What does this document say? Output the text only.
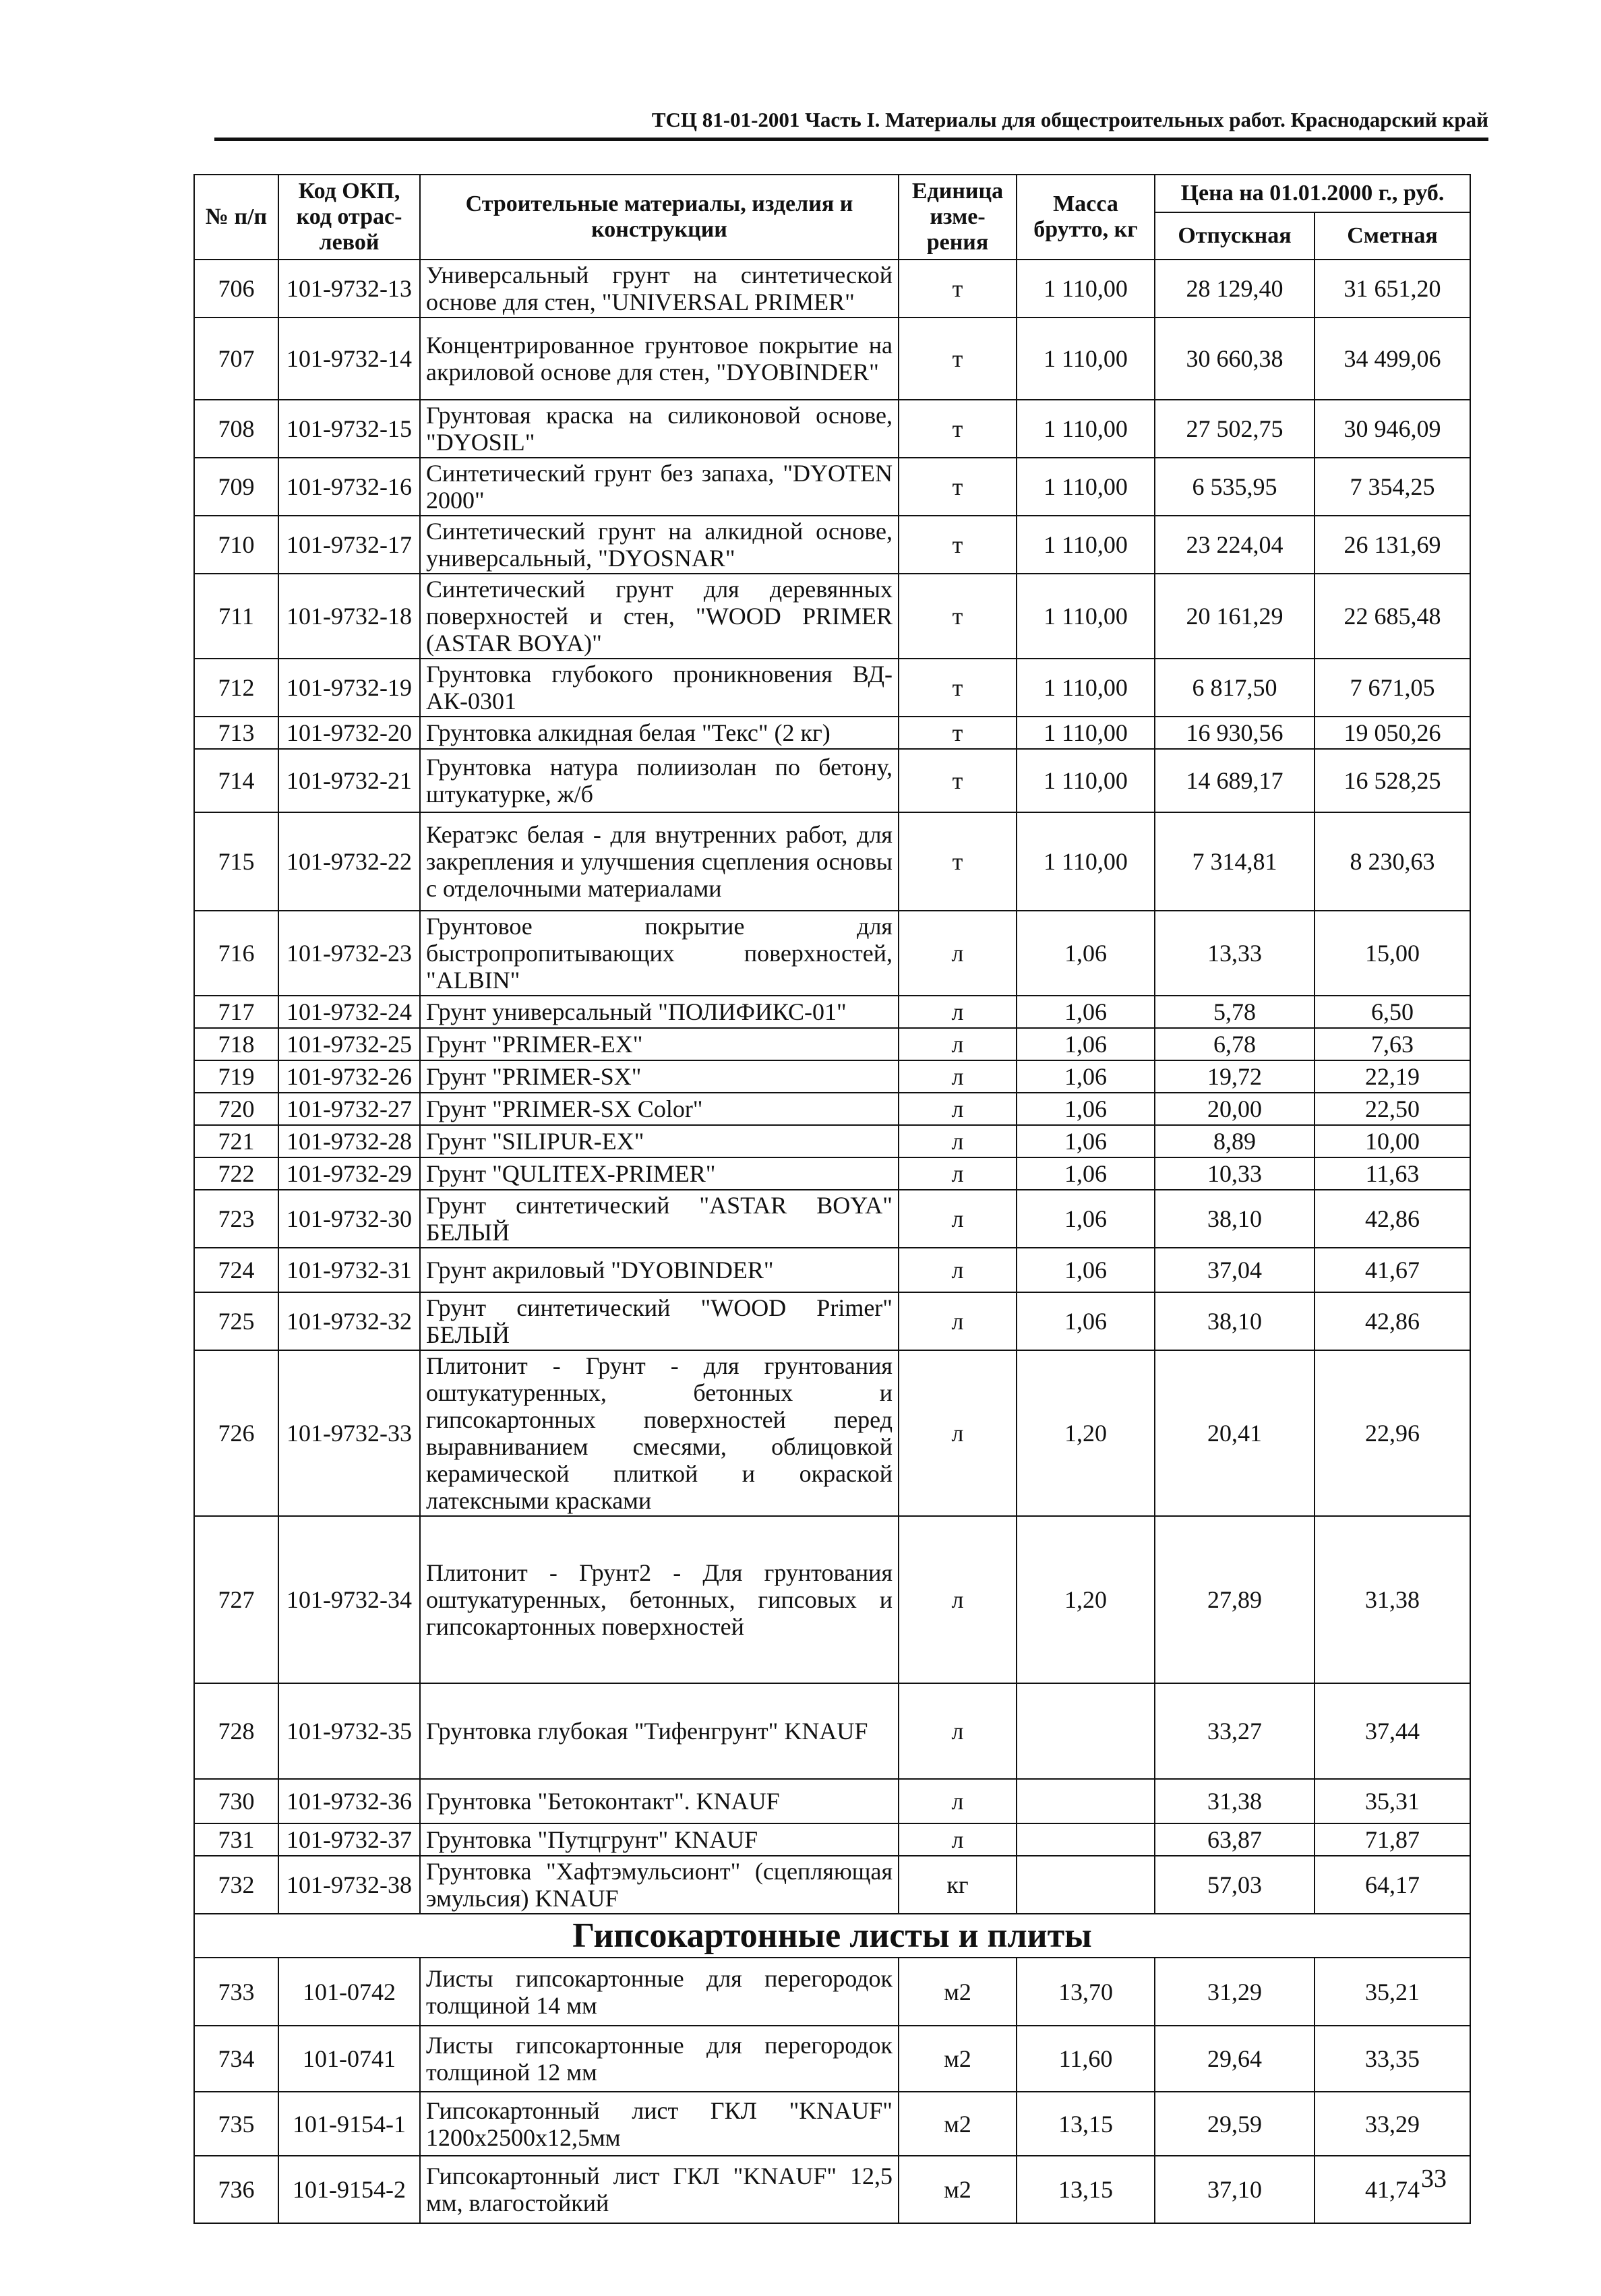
ТСЦ 81-01-2001 Часть I. Материалы для общестроительных работ. Краснодарский край
№ п/п	Код ОКП, код отрас-левой	Строительные материалы, изделия и конструкции	Единица изме-рения	Масса брутто, кг	Цена на 01.01.2000 г., руб.	
					Отпускная	Сметная
706	101-9732-13	Универсальный грунт на синтетической основе для стен, "UNIVERSAL PRIMER"	т	1 110,00	28 129,40	31 651,20
707	101-9732-14	Концентрированное грунтовое покрытие на акриловой основе для стен, "DYOBINDER"	т	1 110,00	30 660,38	34 499,06
708	101-9732-15	Грунтовая краска на силиконовой основе, "DYOSIL"	т	1 110,00	27 502,75	30 946,09
709	101-9732-16	Синтетический грунт без запаха, "DYOTEN 2000"	т	1 110,00	6 535,95	7 354,25
710	101-9732-17	Синтетический грунт на алкидной основе, универсальный, "DYOSNAR"	т	1 110,00	23 224,04	26 131,69
711	101-9732-18	Синтетический грунт для деревянных поверхностей и стен, "WOOD PRIMER (ASTAR BOYA)"	т	1 110,00	20 161,29	22 685,48
712	101-9732-19	Грунтовка глубокого проникновения ВД-АК-0301	т	1 110,00	6 817,50	7 671,05
713	101-9732-20	Грунтовка алкидная белая "Текс" (2 кг)	т	1 110,00	16 930,56	19 050,26
714	101-9732-21	Грунтовка натура полиизолан по бетону, штукатурке, ж/б	т	1 110,00	14 689,17	16 528,25
715	101-9732-22	Кератэкс белая - для внутренних работ, для закрепления и улучшения сцепления основы с отделочными материалами	т	1 110,00	7 314,81	8 230,63
716	101-9732-23	Грунтовое покрытие для быстропропитывающих поверхностей, "ALBIN"	л	1,06	13,33	15,00
717	101-9732-24	Грунт универсальный "ПОЛИФИКС-01"	л	1,06	5,78	6,50
718	101-9732-25	Грунт "PRIMER-EX"	л	1,06	6,78	7,63
719	101-9732-26	Грунт "PRIMER-SX"	л	1,06	19,72	22,19
720	101-9732-27	Грунт "PRIMER-SX Color"	л	1,06	20,00	22,50
721	101-9732-28	Грунт "SILIPUR-EX"	л	1,06	8,89	10,00
722	101-9732-29	Грунт "QULITEX-PRIMER"	л	1,06	10,33	11,63
723	101-9732-30	Грунт синтетический "ASTAR BOYA" БЕЛЫЙ	л	1,06	38,10	42,86
724	101-9732-31	Грунт акриловый "DYOBINDER"	л	1,06	37,04	41,67
725	101-9732-32	Грунт синтетический "WOOD Primer" БЕЛЫЙ	л	1,06	38,10	42,86
726	101-9732-33	Плитонит - Грунт - для грунтования оштукатуренных, бетонных и гипсокартонных поверхностей перед выравниванием смесями, облицовкой керамической плиткой и окраской латексными красками	л	1,20	20,41	22,96
727	101-9732-34	Плитонит - Грунт2 - Для грунтования оштукатуренных, бетонных, гипсовых и гипсокартонных поверхностей	л	1,20	27,89	31,38
728	101-9732-35	Грунтовка глубокая "Тифенгрунт" KNAUF	л		33,27	37,44
730	101-9732-36	Грунтовка "Бетоконтакт". KNAUF	л		31,38	35,31
731	101-9732-37	Грунтовка "Путцгрунт" KNAUF	л		63,87	71,87
732	101-9732-38	Грунтовка "Хафтэмульсионт" (сцепляющая эмульсия) KNAUF	кг		57,03	64,17
Гипсокартонные листы и плиты						
733	101-0742	Листы гипсокартонные для перегородок толщиной 14 мм	м2	13,70	31,29	35,21
734	101-0741	Листы гипсокартонные для перегородок толщиной 12 мм	м2	11,60	29,64	33,35
735	101-9154-1	Гипсокартонный лист ГКЛ "KNAUF" 1200x2500x12,5мм	м2	13,15	29,59	33,29
736	101-9154-2	Гипсокартонный лист ГКЛ "KNAUF" 12,5 мм, влагостойкий	м2	13,15	37,10	41,74 33
